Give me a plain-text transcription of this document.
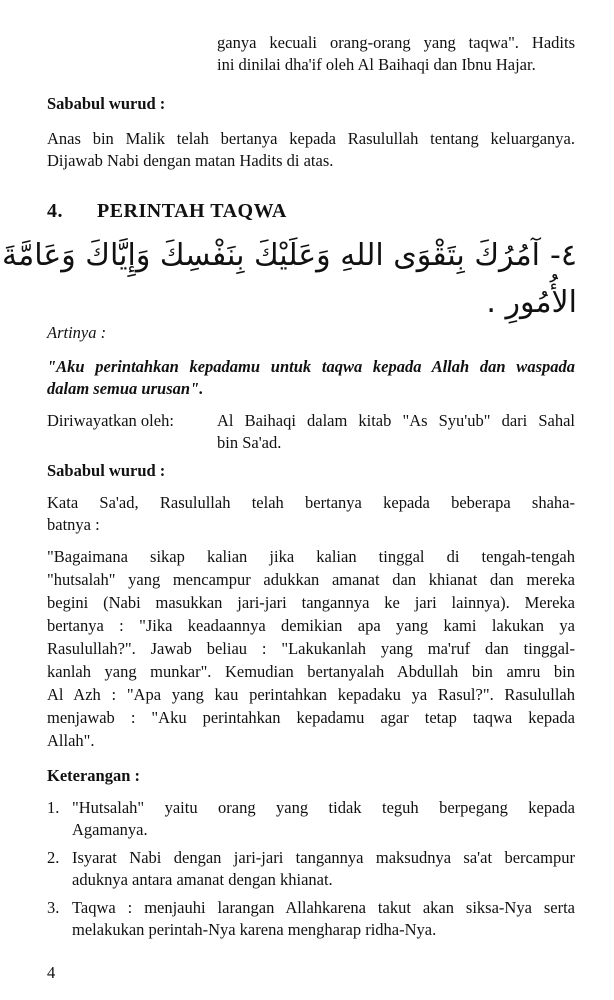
ganya kecuali orang-orang yang taqwa". Hadits
ini dinilai dha'if oleh Al Baihaqi dan Ibnu Hajar.
Sababul wurud :
Anas bin Malik telah bertanya kepada Rasulullah tentang keluarganya.
Dijawab Nabi dengan matan Hadits di atas.
4. PERINTAH TAQWA
٤-
آمُرُكَ بِتَقْوَى اللهِ وَعَلَيْكَ بِنَفْسِكَ وَإِيَّاكَ وَعَامَّةَ
الأُمُورِ .
Artinya :
"Aku perintahkan kepadamu untuk taqwa kepada Allah dan waspada
dalam semua urusan".
Diriwayatkan oleh:	Al Baihaqi dalam kitab "As Syu'ub" dari Sahal
bin Sa'ad.
Sababul wurud :
Kata Sa'ad, Rasulullah telah bertanya kepada beberapa shaha-
batnya :
"Bagaimana sikap kalian jika kalian tinggal di tengah-tengah
"hutsalah" yang mencampur adukkan amanat dan khianat dan mereka
begini (Nabi masukkan jari-jari tangannya ke jari lainnya). Mereka
bertanya : "Jika keadaannya demikian apa yang kami lakukan ya
Rasulullah?". Jawab beliau : "Lakukanlah yang ma'ruf dan tinggal-
kanlah yang munkar". Kemudian bertanyalah Abdullah bin amru bin
Al Azh : "Apa yang kau perintahkan kepadaku ya Rasul?". Rasulullah
menjawab : "Aku perintahkan kepadamu agar tetap taqwa kepada
Allah".
Keterangan :
1. "Hutsalah" yaitu orang yang tidak teguh berpegang kepada
Agamanya.
2. Isyarat Nabi dengan jari-jari tangannya maksudnya sa'at bercampur
aduknya antara amanat dengan khianat.
3. Taqwa : menjauhi larangan Allahkarena takut akan siksa-Nya serta
melakukan perintah-Nya karena mengharap ridha-Nya.
4
